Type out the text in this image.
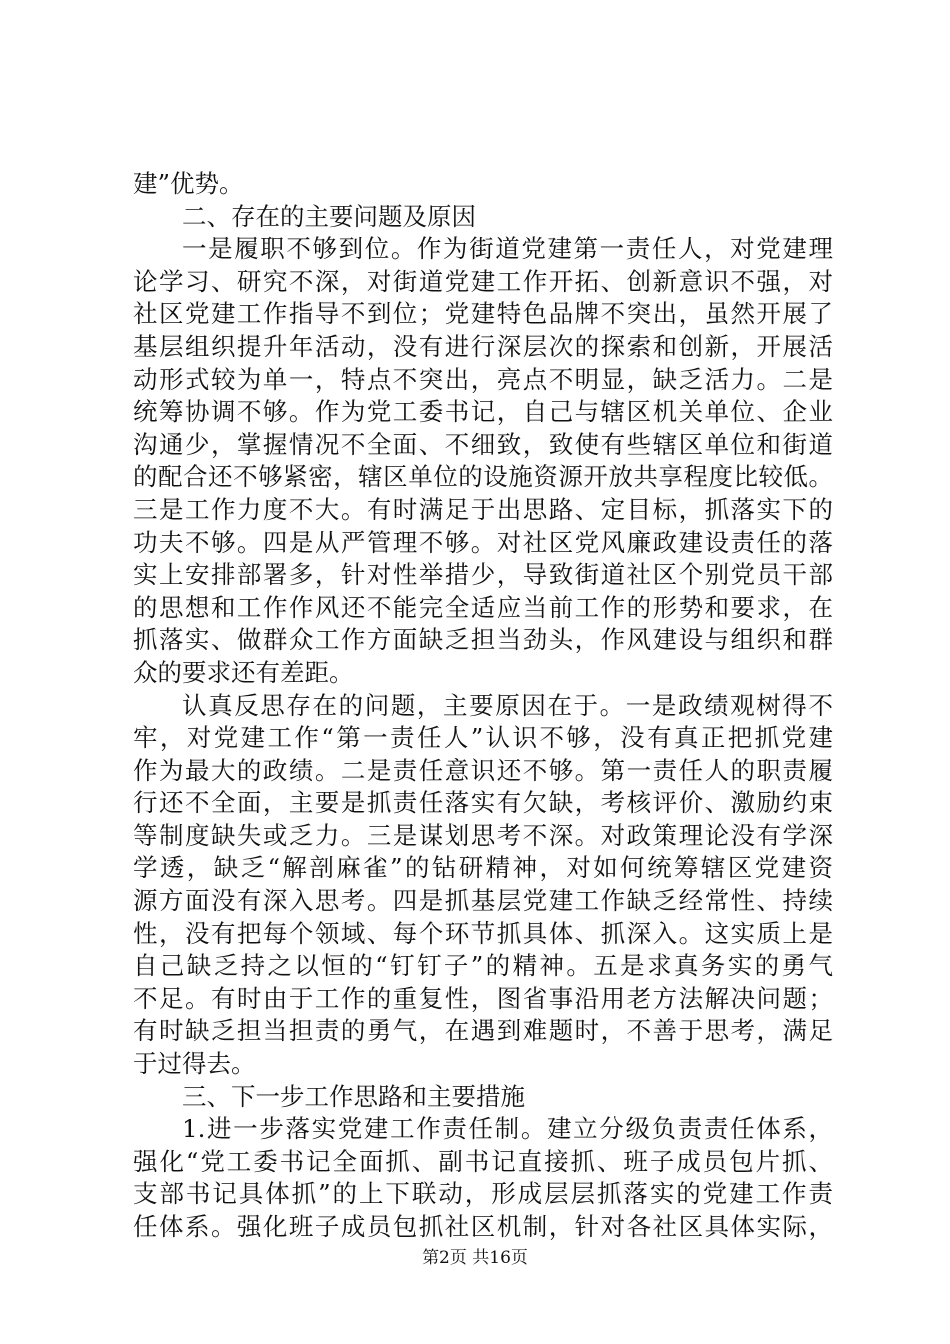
建”优势。
二、存在的主要问题及原因
一是履职不够到位。作为街道党建第一责任人，对党建理
论学习、研究不深，对街道党建工作开拓、创新意识不强，对
社区党建工作指导不到位；党建特色品牌不突出，虽然开展了
基层组织提升年活动，没有进行深层次的探索和创新，开展活
动形式较为单一，特点不突出，亮点不明显，缺乏活力。二是
统筹协调不够。作为党工委书记，自己与辖区机关单位、企业
沟通少，掌握情况不全面、不细致，致使有些辖区单位和街道
的配合还不够紧密，辖区单位的设施资源开放共享程度比较低。
三是工作力度不大。有时满足于出思路、定目标，抓落实下的
功夫不够。四是从严管理不够。对社区党风廉政建设责任的落
实上安排部署多，针对性举措少，导致街道社区个别党员干部
的思想和工作作风还不能完全适应当前工作的形势和要求，在
抓落实、做群众工作方面缺乏担当劲头，作风建设与组织和群
众的要求还有差距。
认真反思存在的问题，主要原因在于。一是政绩观树得不
牢，对党建工作“第一责任人”认识不够，没有真正把抓党建
作为最大的政绩。二是责任意识还不够。第一责任人的职责履
行还不全面，主要是抓责任落实有欠缺，考核评价、激励约束
等制度缺失或乏力。三是谋划思考不深。对政策理论没有学深
学透，缺乏“解剖麻雀”的钻研精神，对如何统筹辖区党建资
源方面没有深入思考。四是抓基层党建工作缺乏经常性、持续
性，没有把每个领域、每个环节抓具体、抓深入。这实质上是
自己缺乏持之以恒的“钉钉子”的精神。五是求真务实的勇气
不足。有时由于工作的重复性，图省事沿用老方法解决问题；
有时缺乏担当担责的勇气，在遇到难题时，不善于思考，满足
于过得去。
三、下一步工作思路和主要措施
1.进一步落实党建工作责任制。建立分级负责责任体系，
强化“党工委书记全面抓、副书记直接抓、班子成员包片抓、
支部书记具体抓”的上下联动，形成层层抓落实的党建工作责
任体系。强化班子成员包抓社区机制，针对各社区具体实际，
第2页 共16页
